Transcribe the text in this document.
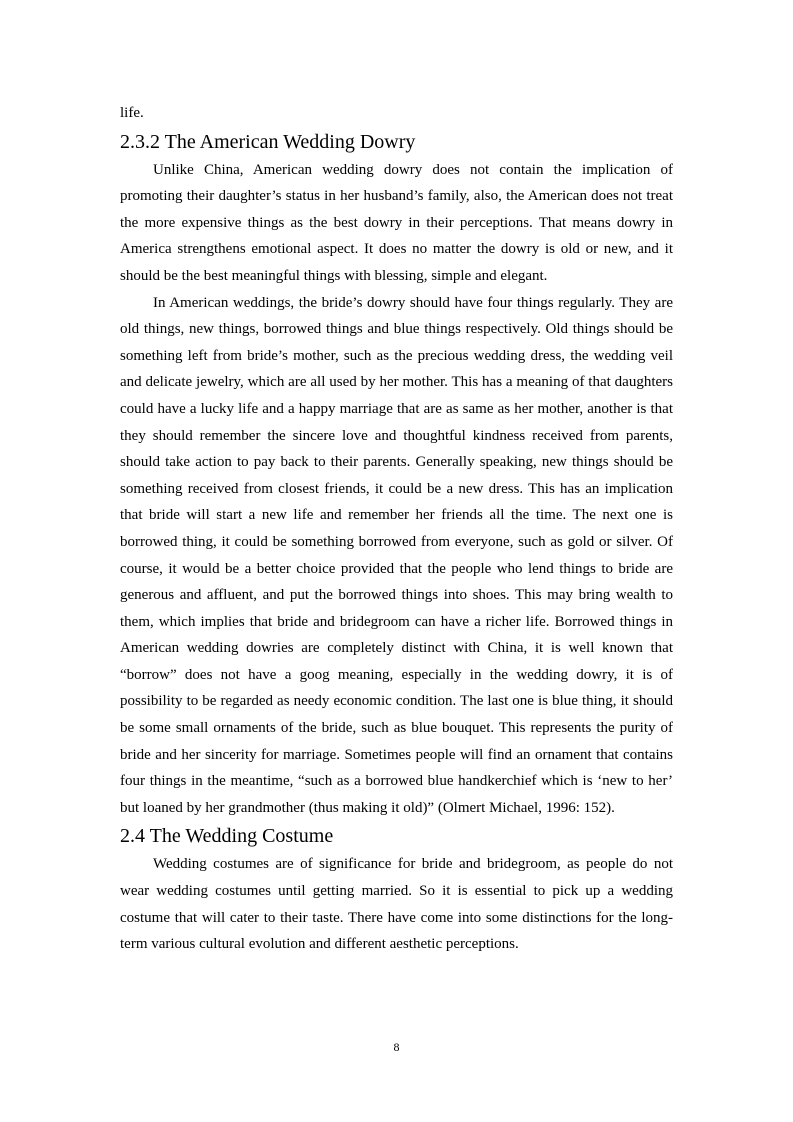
life.

2.3.2 The American Wedding Dowry

Unlike China, American wedding dowry does not contain the implication of promoting their daughter’s status in her husband’s family, also, the American does not treat the more expensive things as the best dowry in their perceptions. That means dowry in America strengthens emotional aspect. It does no matter the dowry is old or new, and it should be the best meaningful things with blessing, simple and elegant.

In American weddings, the bride’s dowry should have four things regularly. They are old things, new things, borrowed things and blue things respectively. Old things should be something left from bride’s mother, such as the precious wedding dress, the wedding veil and delicate jewelry, which are all used by her mother. This has a meaning of that daughters could have a lucky life and a happy marriage that are as same as her mother, another is that they should remember the sincere love and thoughtful kindness received from parents, should take action to pay back to their parents. Generally speaking, new things should be something received from closest friends, it could be a new dress. This has an implication that bride will start a new life and remember her friends all the time. The next one is borrowed thing, it could be something borrowed from everyone, such as gold or silver. Of course, it would be a better choice provided that the people who lend things to bride are generous and affluent, and put the borrowed things into shoes. This may bring wealth to them, which implies that bride and bridegroom can have a richer life. Borrowed things in American wedding dowries are completely distinct with China, it is well known that “borrow” does not have a goog meaning, especially in the wedding dowry, it is of possibility to be regarded as needy economic condition. The last one is blue thing, it should be some small ornaments of the bride, such as blue bouquet. This represents the purity of bride and her sincerity for marriage. Sometimes people will find an ornament that contains four things in the meantime, “such as a borrowed blue handkerchief which is ‘new to her’ but loaned by her grandmother (thus making it old)” (Olmert Michael, 1996: 152).

2.4 The Wedding Costume

Wedding costumes are of significance for bride and bridegroom, as people do not wear wedding costumes until getting married. So it is essential to pick up a wedding costume that will cater to their taste. There have come into some distinctions for the long-term various cultural evolution and different aesthetic perceptions.

8
